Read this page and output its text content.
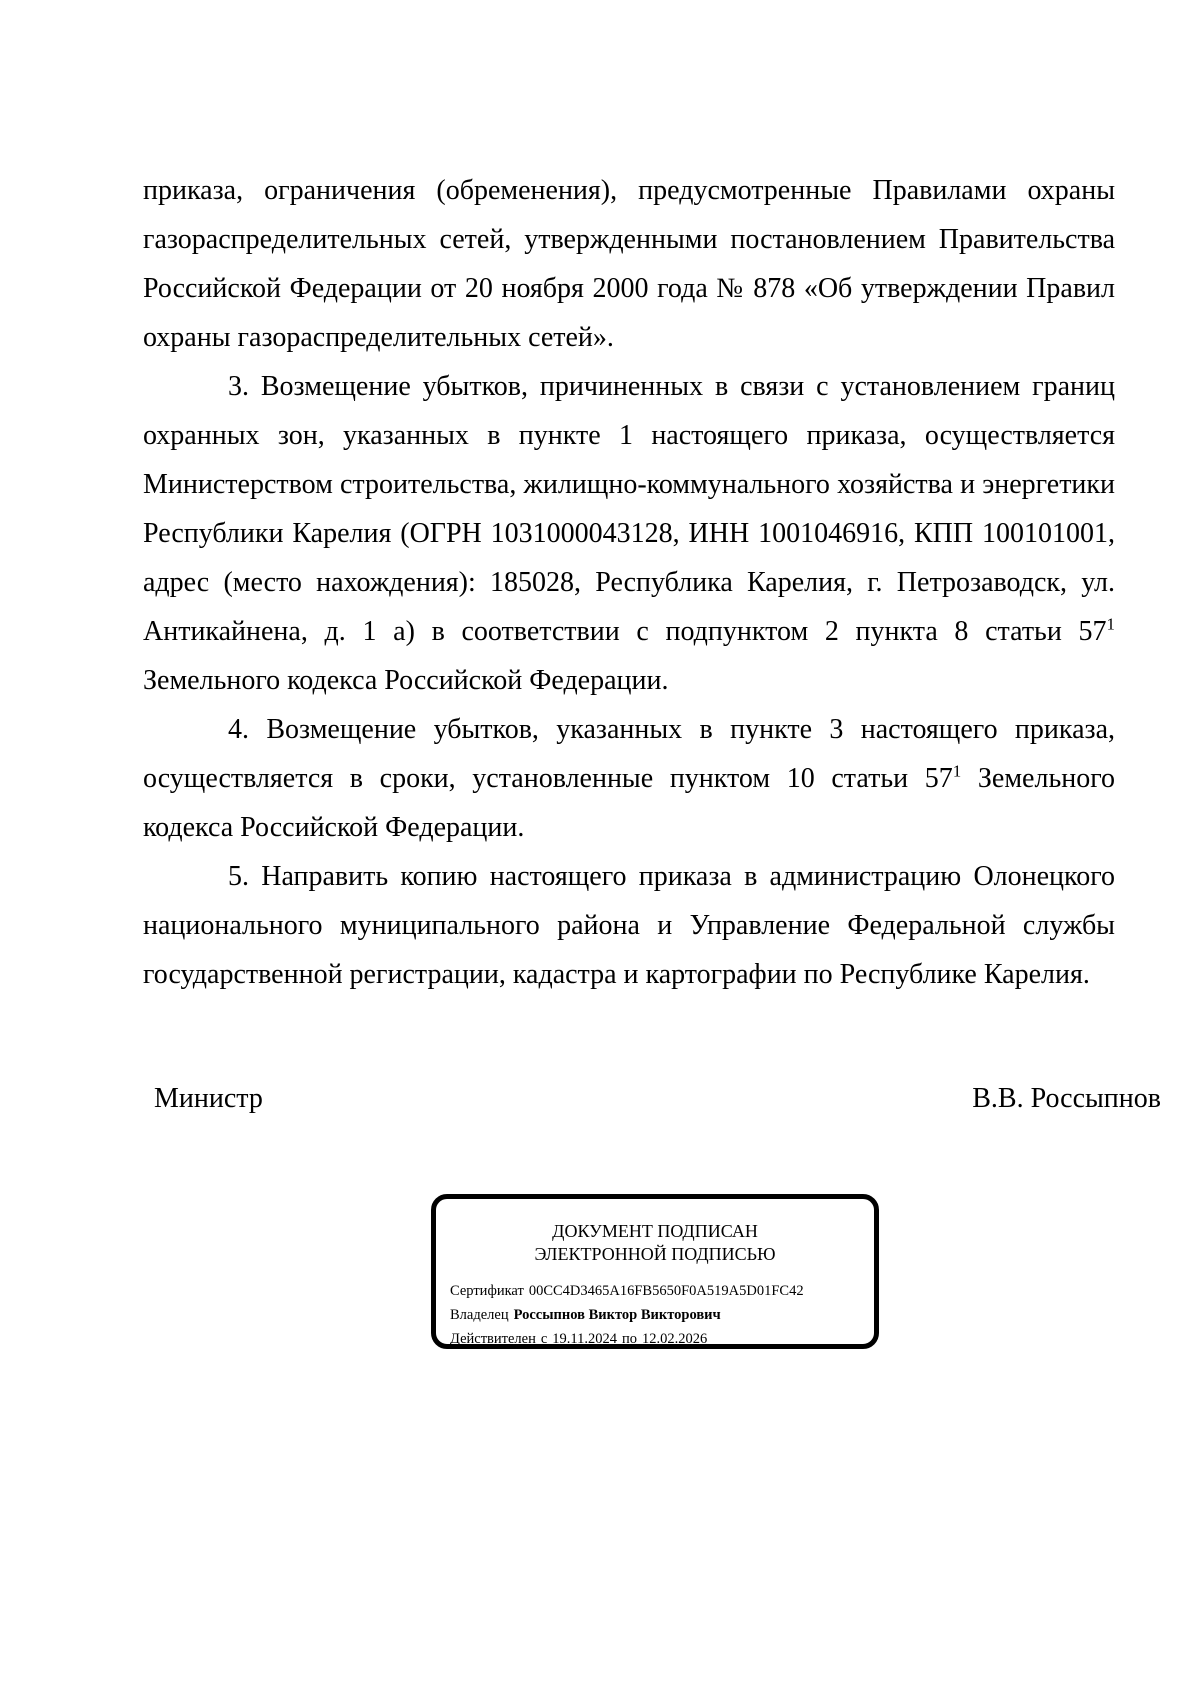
приказа, ограничения (обременения), предусмотренные Правилами охраны газораспределительных сетей, утвержденными постановлением Правительства Российской Федерации от 20 ноября 2000 года № 878 «Об утверждении Правил охраны газораспределительных сетей».

3. Возмещение убытков, причиненных в связи с установлением границ охранных зон, указанных в пункте 1 настоящего приказа, осуществляется Министерством строительства, жилищно-коммунального хозяйства и энергетики Республики Карелия (ОГРН 1031000043128, ИНН 1001046916, КПП 100101001, адрес (место нахождения): 185028, Республика Карелия, г. Петрозаводск, ул. Антикайнена, д. 1 а) в соответствии с подпунктом 2 пункта 8 статьи $57^1$ Земельного кодекса Российской Федерации.

4. Возмещение убытков, указанных в пункте 3 настоящего приказа, осуществляется в сроки, установленные пунктом 10 статьи $57^1$ Земельного кодекса Российской Федерации.

5. Направить копию настоящего приказа в администрацию Олонецкого национального муниципального района и Управление Федеральной службы государственной регистрации, кадастра и картографии по Республике Карелия.

Министр	В.В. Россыпнов
ДОКУМЕНТ ПОДПИСАН
ЭЛЕКТРОННОЙ ПОДПИСЬЮ
Сертификат 00CC4D3465A16FB5650F0A519A5D01FC42
Владелец Россыпнов Виктор Викторович
Действителен с 19.11.2024 по 12.02.2026
